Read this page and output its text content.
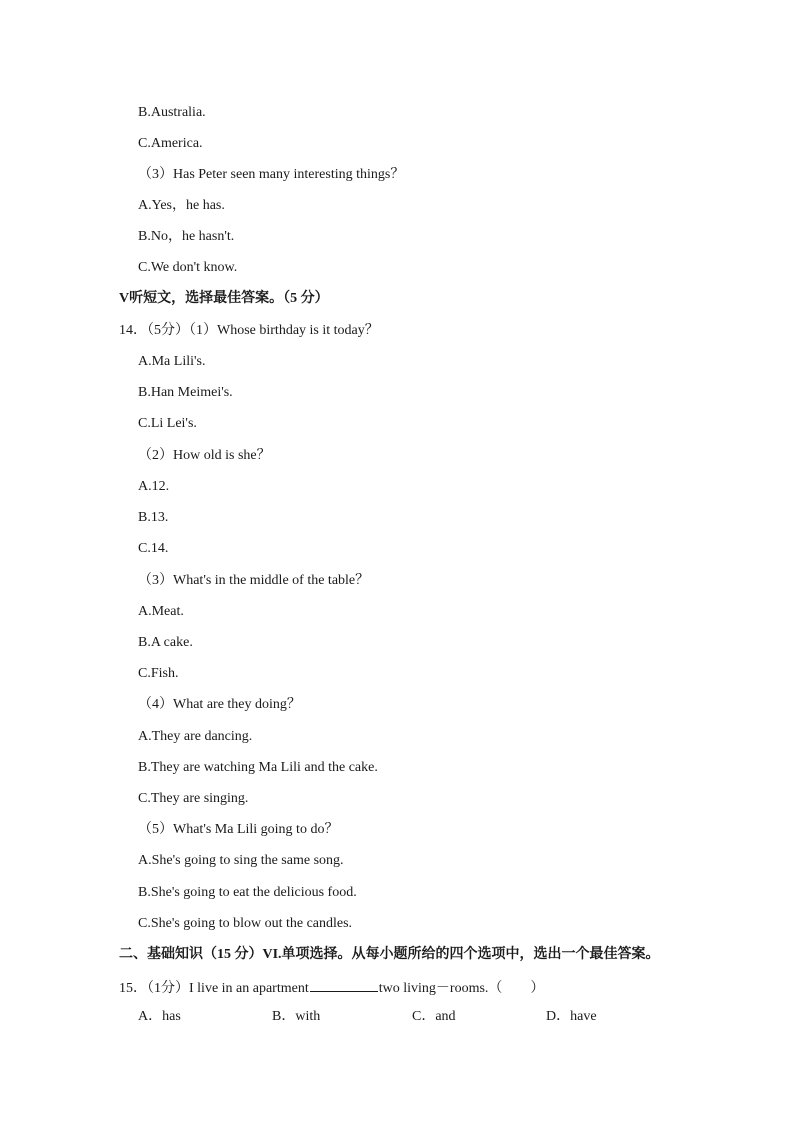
B.Australia.
C.America.
（3）Has Peter seen many interesting things？
A.Yes，he has.
B.No，he hasn't.
C.We don't know.
V听短文，选择最佳答案。（5 分）
14．（5分）（1）Whose birthday is it today？
A.Ma Lili's.
B.Han Meimei's.
C.Li Lei's.
（2）How old is she？
A.12.
B.13.
C.14.
（3）What's in the middle of the table？
A.Meat.
B.A cake.
C.Fish.
（4）What are they doing？
A.They are dancing.
B.They are watching Ma Lili and the cake.
C.They are singing.
（5）What's Ma Lili going to do？
A.She's going to sing the same song.
B.She's going to eat the delicious food.
C.She's going to blow out the candles.
二、基础知识（15 分）VI.单项选择。从每小题所给的四个选项中，选出一个最佳答案。
15．（1分）I live in an apartment	two living－rooms.（　　）
A．has	B．with	C．and	D．have
